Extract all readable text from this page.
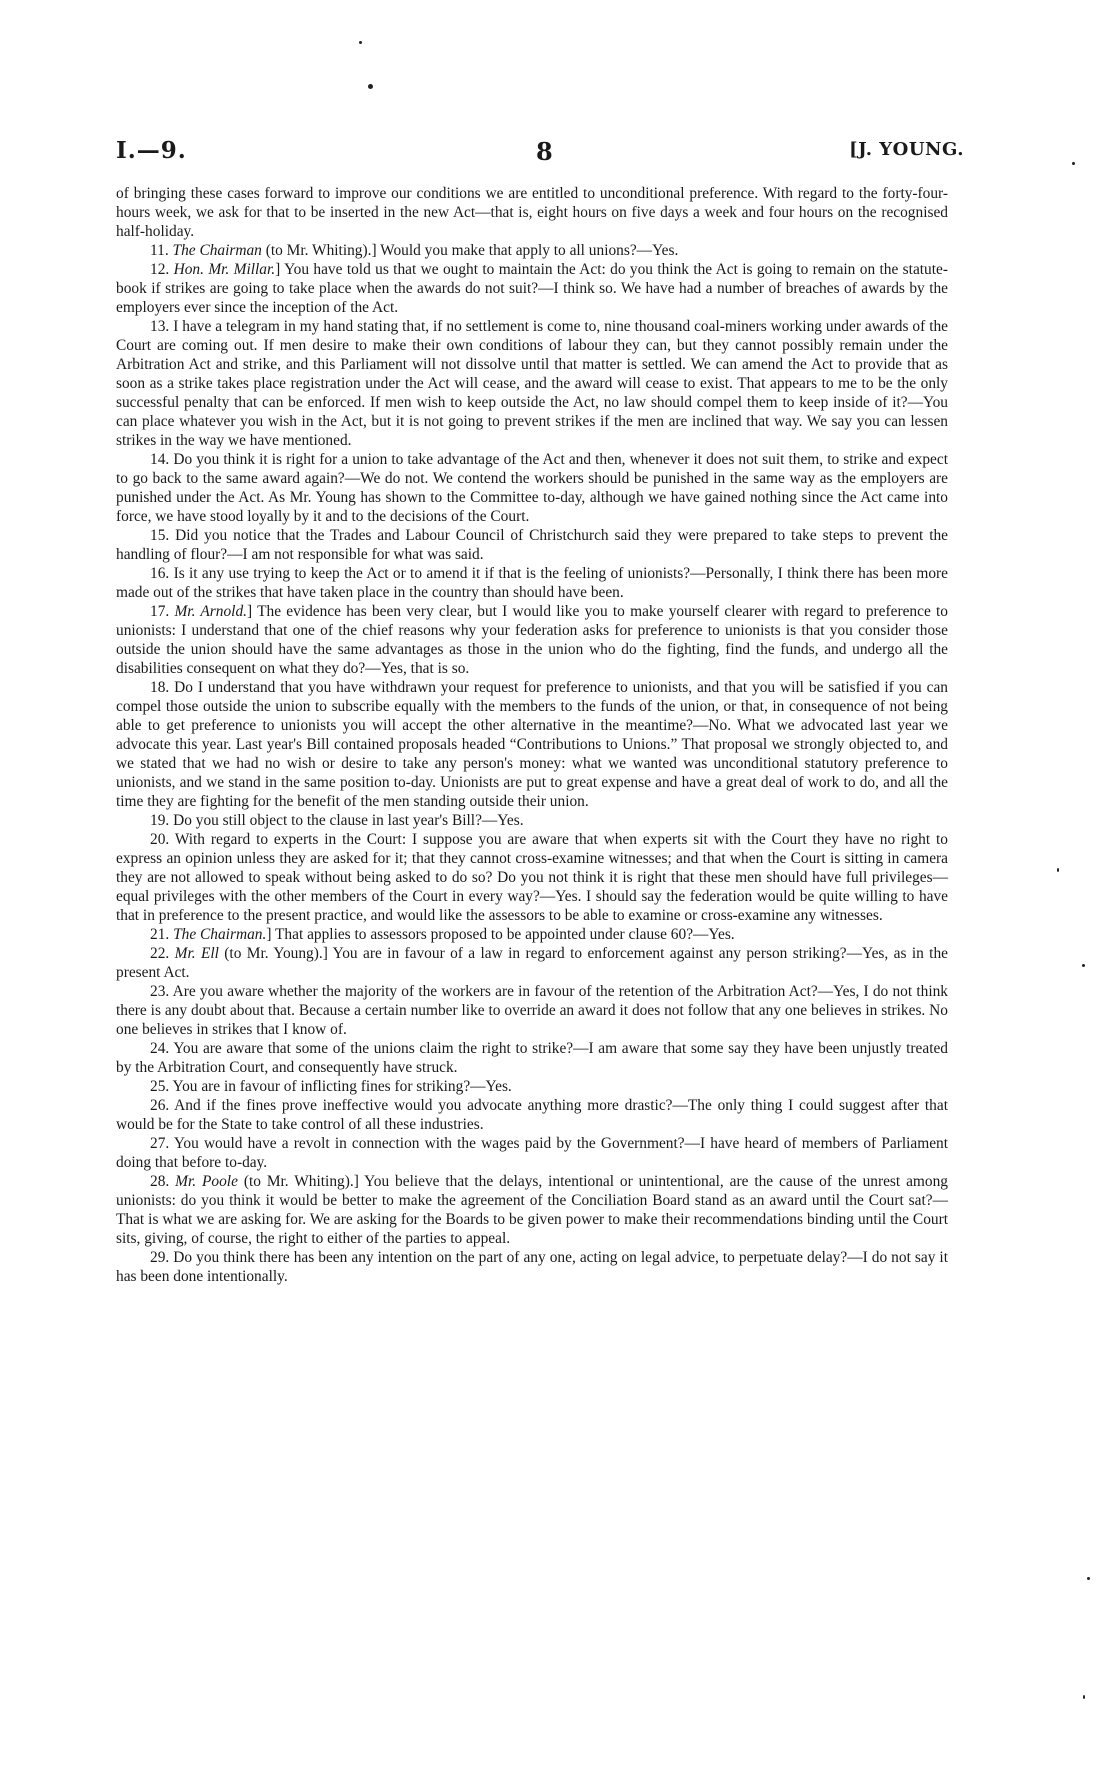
I.—9.	8	[J. YOUNG.

of bringing these cases forward to improve our conditions we are entitled to unconditional preference. With regard to the forty-four-hours week, we ask for that to be inserted in the new Act—that is, eight hours on five days a week and four hours on the recognised half-holiday.

11. The Chairman (to Mr. Whiting).] Would you make that apply to all unions?—Yes.

12. Hon. Mr. Millar.] You have told us that we ought to maintain the Act: do you think the Act is going to remain on the statute-book if strikes are going to take place when the awards do not suit?—I think so. We have had a number of breaches of awards by the employers ever since the inception of the Act.

13. I have a telegram in my hand stating that, if no settlement is come to, nine thousand coal-miners working under awards of the Court are coming out. If men desire to make their own conditions of labour they can, but they cannot possibly remain under the Arbitration Act and strike, and this Parliament will not dissolve until that matter is settled. We can amend the Act to provide that as soon as a strike takes place registration under the Act will cease, and the award will cease to exist. That appears to me to be the only successful penalty that can be enforced. If men wish to keep outside the Act, no law should compel them to keep inside of it?—You can place whatever you wish in the Act, but it is not going to prevent strikes if the men are inclined that way. We say you can lessen strikes in the way we have mentioned.

14. Do you think it is right for a union to take advantage of the Act and then, whenever it does not suit them, to strike and expect to go back to the same award again?—We do not. We contend the workers should be punished in the same way as the employers are punished under the Act. As Mr. Young has shown to the Committee to-day, although we have gained nothing since the Act came into force, we have stood loyally by it and to the decisions of the Court.

15. Did you notice that the Trades and Labour Council of Christchurch said they were prepared to take steps to prevent the handling of flour?—I am not responsible for what was said.

16. Is it any use trying to keep the Act or to amend it if that is the feeling of unionists?—Personally, I think there has been more made out of the strikes that have taken place in the country than should have been.

17. Mr. Arnold.] The evidence has been very clear, but I would like you to make yourself clearer with regard to preference to unionists: I understand that one of the chief reasons why your federation asks for preference to unionists is that you consider those outside the union should have the same advantages as those in the union who do the fighting, find the funds, and undergo all the disabilities consequent on what they do?—Yes, that is so.

18. Do I understand that you have withdrawn your request for preference to unionists, and that you will be satisfied if you can compel those outside the union to subscribe equally with the members to the funds of the union, or that, in consequence of not being able to get preference to unionists you will accept the other alternative in the meantime?—No. What we advocated last year we advocate this year. Last year's Bill contained proposals headed “Contributions to Unions.” That proposal we strongly objected to, and we stated that we had no wish or desire to take any person's money: what we wanted was unconditional statutory preference to unionists, and we stand in the same position to-day. Unionists are put to great expense and have a great deal of work to do, and all the time they are fighting for the benefit of the men standing outside their union.

19. Do you still object to the clause in last year's Bill?—Yes.

20. With regard to experts in the Court: I suppose you are aware that when experts sit with the Court they have no right to express an opinion unless they are asked for it; that they cannot cross-examine witnesses; and that when the Court is sitting in camera they are not allowed to speak without being asked to do so? Do you not think it is right that these men should have full privileges—equal privileges with the other members of the Court in every way?—Yes. I should say the federation would be quite willing to have that in preference to the present practice, and would like the assessors to be able to examine or cross-examine any witnesses.

21. The Chairman.] That applies to assessors proposed to be appointed under clause 60?—Yes.

22. Mr. Ell (to Mr. Young).] You are in favour of a law in regard to enforcement against any person striking?—Yes, as in the present Act.

23. Are you aware whether the majority of the workers are in favour of the retention of the Arbitration Act?—Yes, I do not think there is any doubt about that. Because a certain number like to override an award it does not follow that any one believes in strikes. No one believes in strikes that I know of.

24. You are aware that some of the unions claim the right to strike?—I am aware that some say they have been unjustly treated by the Arbitration Court, and consequently have struck.

25. You are in favour of inflicting fines for striking?—Yes.

26. And if the fines prove ineffective would you advocate anything more drastic?—The only thing I could suggest after that would be for the State to take control of all these industries.

27. You would have a revolt in connection with the wages paid by the Government?—I have heard of members of Parliament doing that before to-day.

28. Mr. Poole (to Mr. Whiting).] You believe that the delays, intentional or unintentional, are the cause of the unrest among unionists: do you think it would be better to make the agreement of the Conciliation Board stand as an award until the Court sat?—That is what we are asking for. We are asking for the Boards to be given power to make their recommendations binding until the Court sits, giving, of course, the right to either of the parties to appeal.

29. Do you think there has been any intention on the part of any one, acting on legal advice, to perpetuate delay?—I do not say it has been done intentionally.
